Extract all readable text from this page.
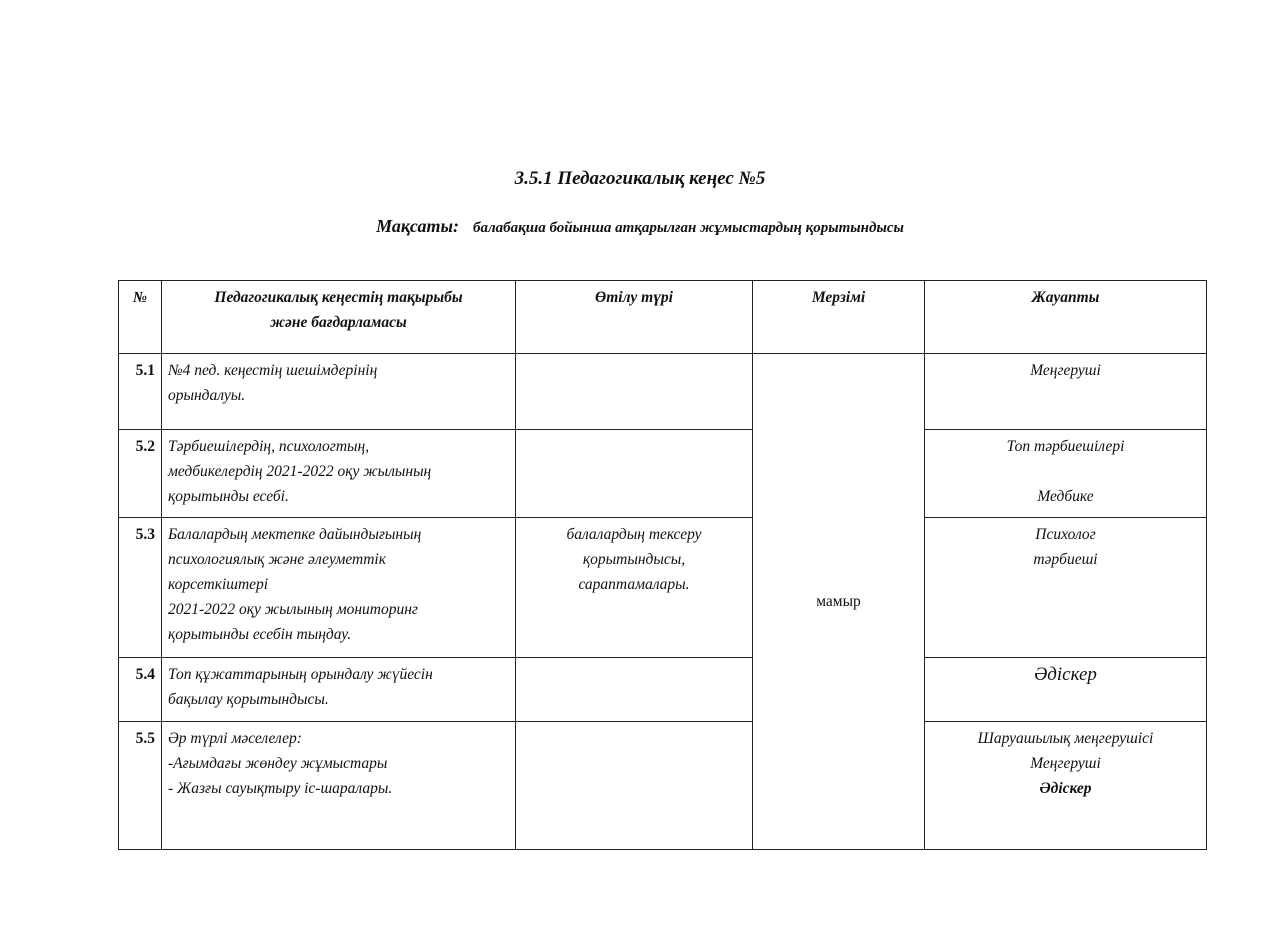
3.5.1 Педагогикалық кеңес №5
Мақсаты: балабақша бойынша атқарылған жұмыстардың қорытындысы
№	Педагогикалық кеңестің тақырыбы
және бағдарламасы	Өтілу түрі	Мерзімі	Жауапты
5.1	№4 пед. кеңестің шешімдерінің
орындалуы.		мамыр	Меңгеруші

5.2	Тәрбиешілердің, психологтың,
медбикелердің 2021-2022 оқу жылының
қорытынды есебі.			Топ тәрбиешілері
Медбике

5.3	Балалардың мектепке дайындығының
психологиялық және әлеуметтік
корсеткіштері
2021-2022 оқу жылының мониторинг
қорытынды есебін тыңдау.	балалардың тексеру
қорытындысы,
сараптамалары.		Психолог
тәрбиеші

5.4	Топ құжаттарының орындалу жүйесін
бақылау қорытындысы.			Әдіскер

5.5	Әр түрлі мәселелер:
-Ағымдағы жөндеу жұмыстары
- Жазғы сауықтыру іс-шаралары.			Шаруашылық меңгерушісі
Меңгеруші
Әдіскер
